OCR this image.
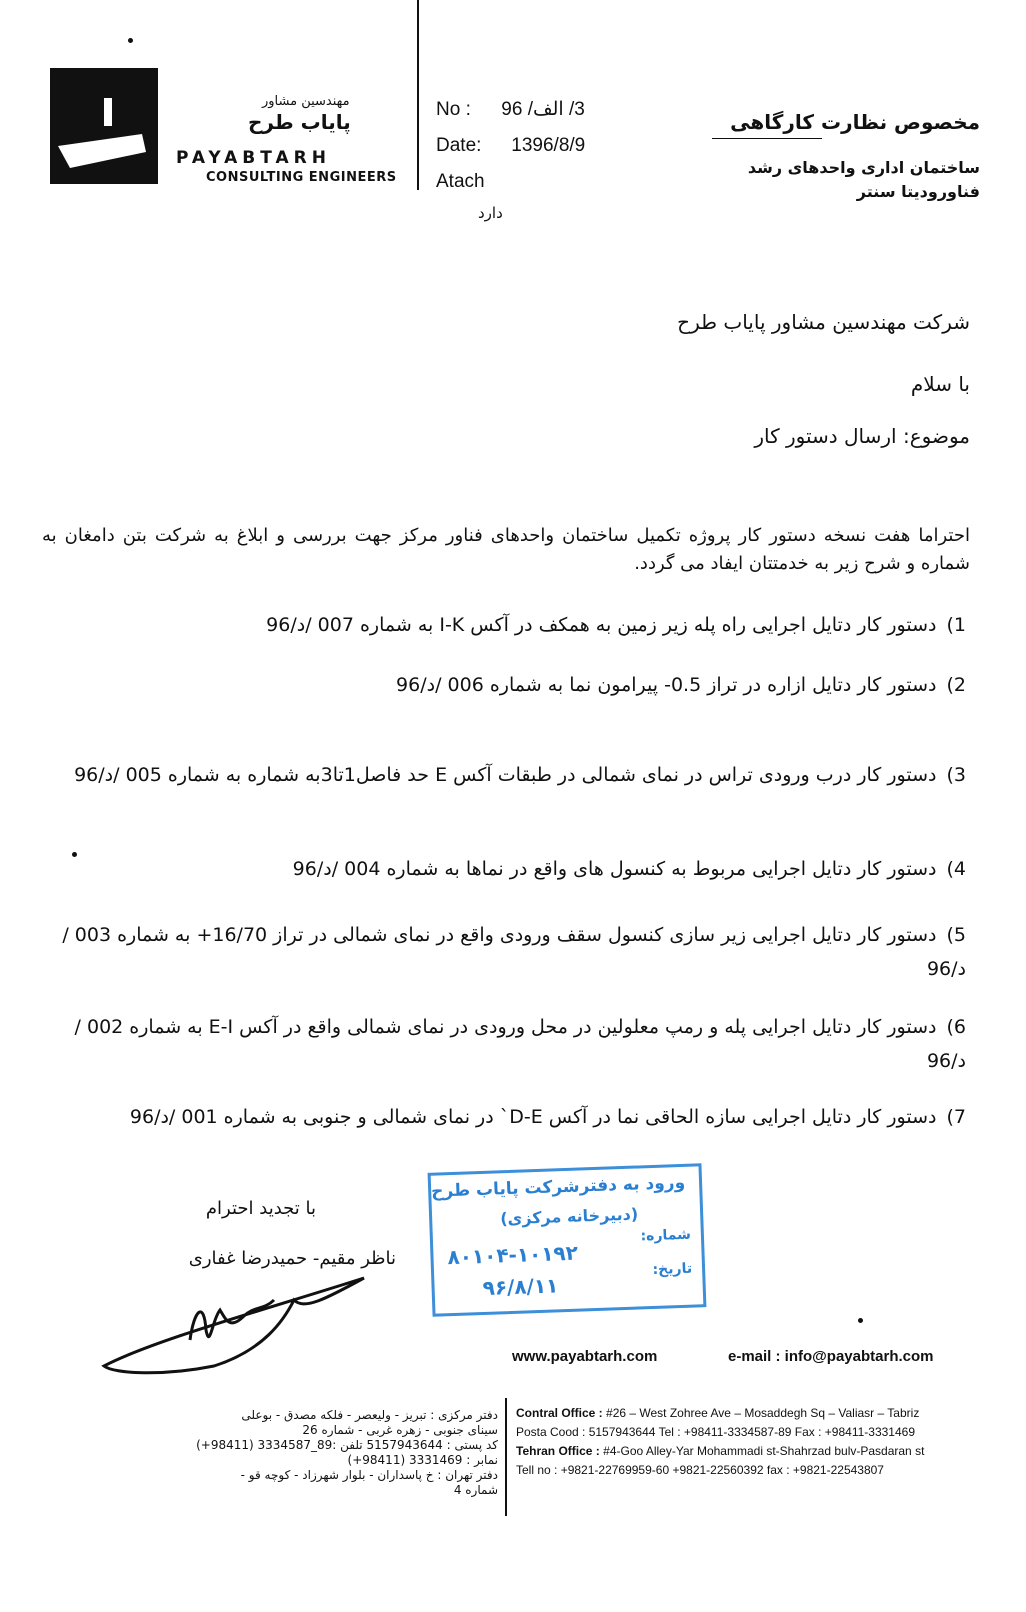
مهندسین مشاور
پایاب طرح
PAYABTARH
CONSULTING ENGINEERS
No : 3/ الف/ 96
Date: 1396/8/9
Atach
دارد
مخصوص نظارت کارگاهی
ساختمان اداری واحدهای رشد
فناوروديتا سنتر
شرکت مهندسین مشاور پایاب طرح
با سلام
موضوع: ارسال دستور کار
احتراما هفت نسخه دستور کار پروژه تکمیل ساختمان واحدهای فناور مرکز جهت بررسی و ابلاغ به شرکت بتن دامغان به شماره و شرح زیر به خدمتتان ایفاد می گردد.
1)دستور کار دتایل اجرایی راه پله زیر زمین به همکف در آکس I-K به شماره 007 /د/96
2)دستور کار دتایل ازاره در تراز 0.5- پیرامون نما به شماره 006 /د/96
3)دستور کار درب ورودی تراس در نمای شمالی در طبقات آکس E حد فاصل1تا3به شماره به شماره 005 /د/96
4)دستور کار دتایل اجرایی مربوط به کنسول های واقع در نماها به شماره 004 /د/96
5)دستور کار دتایل اجرایی زیر سازی کنسول سقف ورودی واقع در نمای شمالی در تراز 16/70+ به شماره 003 /د/96
6)دستور کار دتایل اجرایی پله و رمپ معلولین در محل ورودی در نمای شمالی واقع در آکس E-I به شماره 002 /د/96
7)دستور کار دتایل اجرایی سازه الحاقی نما در آکس D-E` در نمای شمالی و جنوبی به شماره 001 /د/96
با تجدید احترام
ناظر مقیم- حمیدرضا غفاری
ورود به دفترشرکت پایاب طرح
(دبیرخانه مرکزی)
شماره:
تاریخ:
۸۰۱۰۴-۱۰۱۹۲
۹۶/۸/۱۱
www.payabtarh.com	e-mail : info@payabtarh.com
دفتر مرکزی : تبریز - ولیعصر - فلکه مصدق - بوعلی
سینای جنوبی - زهره غربی - شماره 26
کد پستی : 5157943644 تلفن :89_3334587 (98411+)
نمابر : 3331469 (98411+)
دفتر تهران : خ پاسداران - بلوار شهرزاد - کوچه قو -
شماره 4
Contral Office : #26 – West Zohree Ave – Mosaddegh Sq – Valiasr – Tabriz
Posta Cood : 5157943644 Tel : +98411-3334587-89 Fax : +98411-3331469
Tehran Office : #4-Goo Alley-Yar Mohammadi st-Shahrzad bulv-Pasdaran st
Tell no : +9821-22769959-60 +9821-22560392 fax : +9821-22543807
